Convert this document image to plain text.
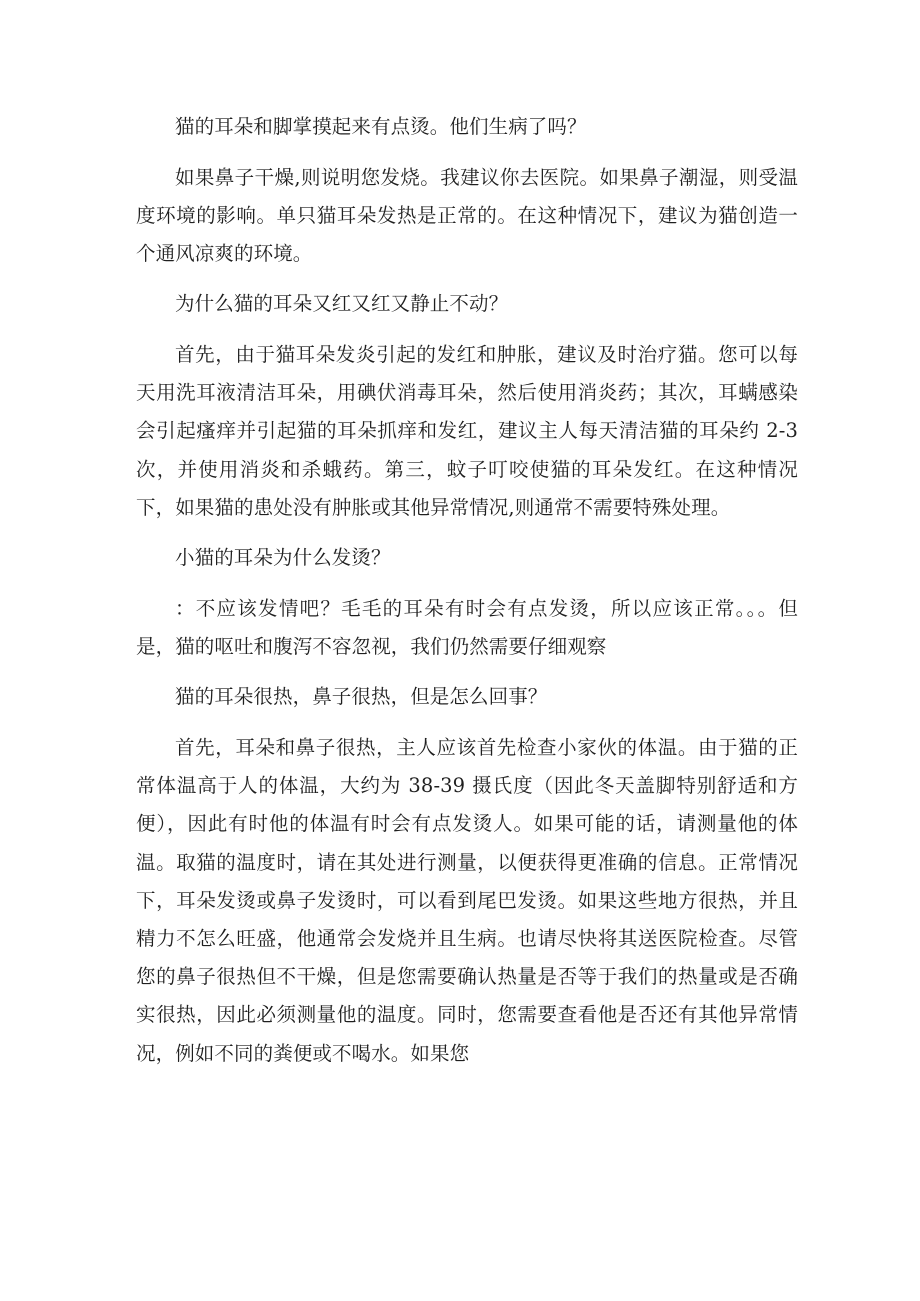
猫的耳朵和脚掌摸起来有点烫。他们生病了吗？

如果鼻子干燥,则说明您发烧。我建议你去医院。如果鼻子潮湿，则受温度环境的影响。单只猫耳朵发热是正常的。在这种情况下，建议为猫创造一个通风凉爽的环境。

为什么猫的耳朵又红又红又静止不动？

首先，由于猫耳朵发炎引起的发红和肿胀，建议及时治疗猫。您可以每天用洗耳液清洁耳朵，用碘伏消毒耳朵，然后使用消炎药；其次，耳螨感染会引起瘙痒并引起猫的耳朵抓痒和发红，建议主人每天清洁猫的耳朵约 2-3 次，并使用消炎和杀蛾药。第三，蚊子叮咬使猫的耳朵发红。在这种情况下，如果猫的患处没有肿胀或其他异常情况,则通常不需要特殊处理。

小猫的耳朵为什么发烫？

：不应该发情吧？毛毛的耳朵有时会有点发烫，所以应该正常。。。但是，猫的呕吐和腹泻不容忽视，我们仍然需要仔细观察

猫的耳朵很热，鼻子很热，但是怎么回事？

首先，耳朵和鼻子很热，主人应该首先检查小家伙的体温。由于猫的正常体温高于人的体温，大约为 38-39 摄氏度（因此冬天盖脚特别舒适和方便），因此有时他的体温有时会有点发烫人。如果可能的话，请测量他的体温。取猫的温度时，请在其处进行测量，以便获得更准确的信息。正常情况下，耳朵发烫或鼻子发烫时，可以看到尾巴发烫。如果这些地方很热，并且精力不怎么旺盛，他通常会发烧并且生病。也请尽快将其送医院检查。尽管您的鼻子很热但不干燥，但是您需要确认热量是否等于我们的热量或是否确实很热，因此必须测量他的温度。同时，您需要查看他是否还有其他异常情况，例如不同的粪便或不喝水。如果您
